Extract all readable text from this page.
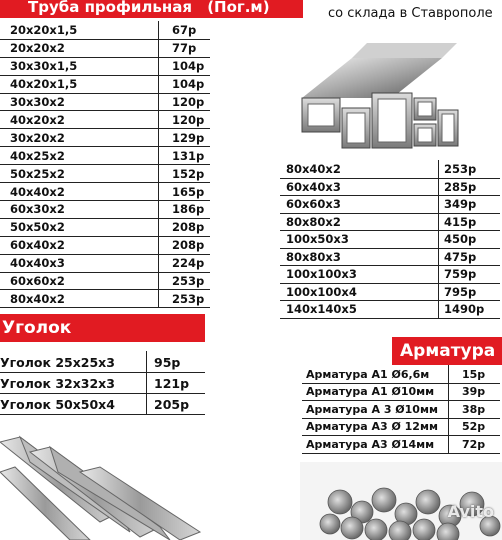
Труба профильная (Пог.м)	со склада в Ставрополе
20x20x1,5	67р
20x20x2	77р
30x30x1,5	104р
40x20x1,5	104р
30x30x2	120р
40x20x2	120р
30x20x2	129р
40x25x2	131р
50x25x2	152р
40x40x2	165р
60x30x2	186р
50x50x2	208р
60x40x2	208р
40x40x3	224р
60x60x2	253р
80x40x2	253р
80x40x2	253р
60x40x3	285р
60x60x3	349р
80x80x2	415р
100x50x3	450р
80x80x3	475р
100x100x3	759р
100x100x4	795р
140x140x5	1490р
Уголок
Уголок 25x25x3	95р
Уголок 32x32x3	121р
Уголок 50x50x4	205р
Арматура
Арматура А1 Ø6,6м	15р
Арматура А1 Ø10мм	39р
Арматура А 3 Ø10мм 38р
Арматура А3 Ø 12мм 52р
Арматура А3 Ø14мм	72р
Avito
